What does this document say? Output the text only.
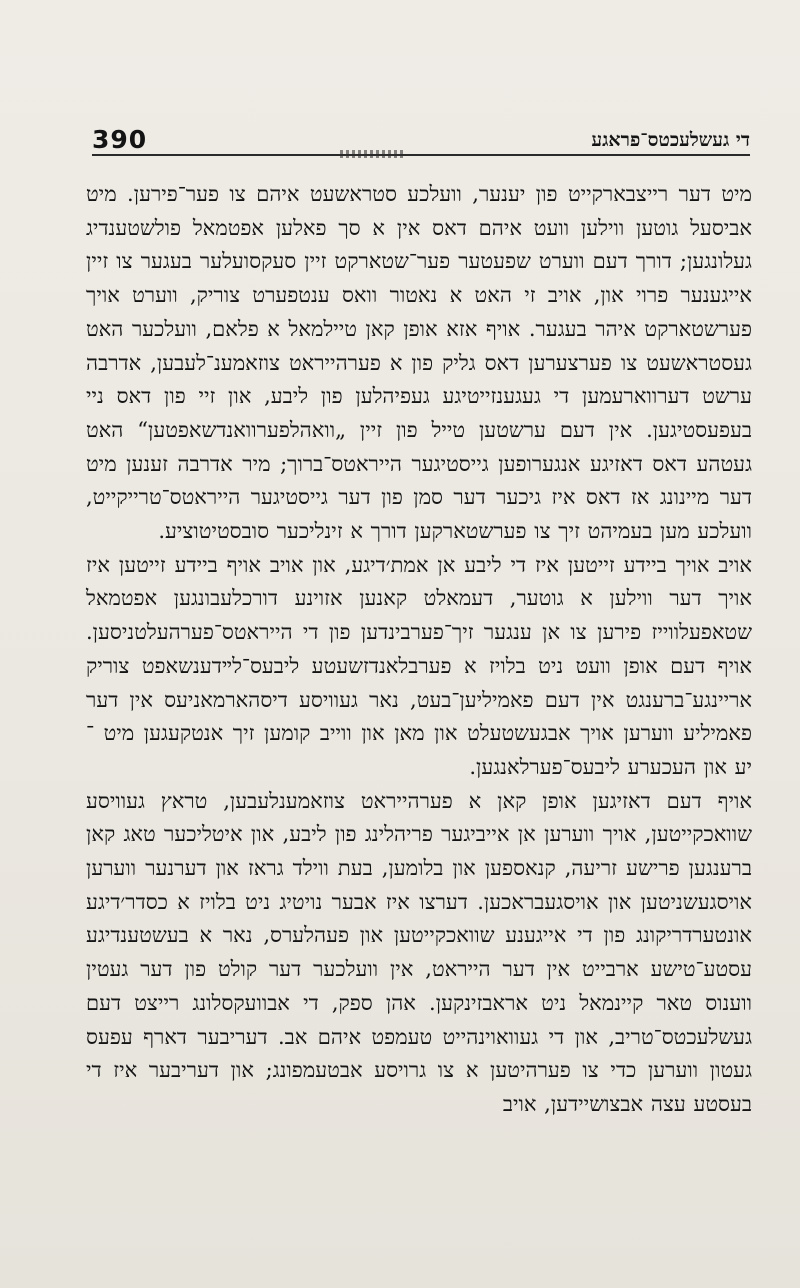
390	די געשלעכטס־פראגע

מיט דער רייצבארקייט פון יענער, וועלכע סטראשעט איהם צו פער־פירען. מיט אביסעל גוטען ווילען וועט איהם דאס אין א סך פאלען אפטמאל פולשטענדיג געלונגען; דורך דעם ווערט שפעטער פער־שטארקט זיין סעקסועלער בעגער צו זיין אייגענער פרוי און, אויב זי האט א נאטור וואס ענטפערט צוריק, ווערט אויך פערשטארקט איהר בעגער. אויף אזא אופן קאן טיילמאל א פלאם, וועלכער האט געסטראשעט צו פערצערען דאס גליק פון א פערהייראט צוזאמענ־לעבען, אדרבה ערשט דערווארעמען די געגענזייטיגע געפיהלען פון ליבע, און זיי פון דאס ניי בעפעסטיגען. אין דעם ערשטען טייל פון זיין „וואהלפערוואנדשאפטען“ האט געטהע דאס דאזיגע אנגערופען גייסטיגער הייראטס־ברוך; מיר אדרבה זענען מיט דער מיינונג אז דאס איז גיכער דער סמן פון דער גייסטיגער הייראטס־טרייקייט, וועלכע מען בעמיהט זיך צו פערשטארקען דורך א זינליכער סובסטיטוציע.

אויב אויך ביידע זייטען איז די ליבע אן אמת׳דיגע, און אויב אויף ביידע זייטען איז אויך דער ווילען א גוטער, דעמאלט קאנען אזוינע דורכלעבונגען אפטמאל שטאפעלווייז פירען צו אן ענגער זיך־פערבינדען פון די הייראטס־פערהעלטניסען. אויף דעם אופן וועט ניט בלויז א פערבלאנדזשעטע ליבעס־לײדענשאפט צוריק אריינגע־ברענגט אין דעם פאמיליען־בעט, נאר געוויסע דיסהארמאניעס אין דער פאמיליע ווערען אויך אבגעשטעלט און מאן און ווייב קומען זיך אנטקעגען מיט ־ יע און העכערע ליבעס־פערלאנגען.

אויף דעם דאזיגען אופן קאן א פערהייראט צוזאמענלעבען, טראץ געוויסע שוואכקייטען, אויך ווערען אן אייביגער פריהלינג פון ליבע, און איטליכער טאג קאן ברענגען פרישע זריעה, קנאספען און בלומען, בעת ווילד גראז און דערנער ווערען אויסגעשניטען און אויסגעבראכען. דערצו איז אבער נויטיג ניט בלויז א כסדר׳דיגע אונטערדריקונג פון די אייגענע שוואכקייטען און פעהלערס, נאר א בעשטענדיגע עסטע־טישע ארבייט אין דער הייראט, אין וועלכער דער קולט פון דער געטין ווענוס טאר קיינמאל ניט אראבזינקען. אהן ספק, די אבוועקסלונג רייצט דעם געשלעכטס־טריב, און די געוואוינהייט טעמפט איהם אב. דעריבער דארף עפעס געטון ווערען כדי צו פערהיטען א צו גרויסע אבטעמפונג; און דעריבער איז די בעסטע עצה אבצושיידען, אויב
